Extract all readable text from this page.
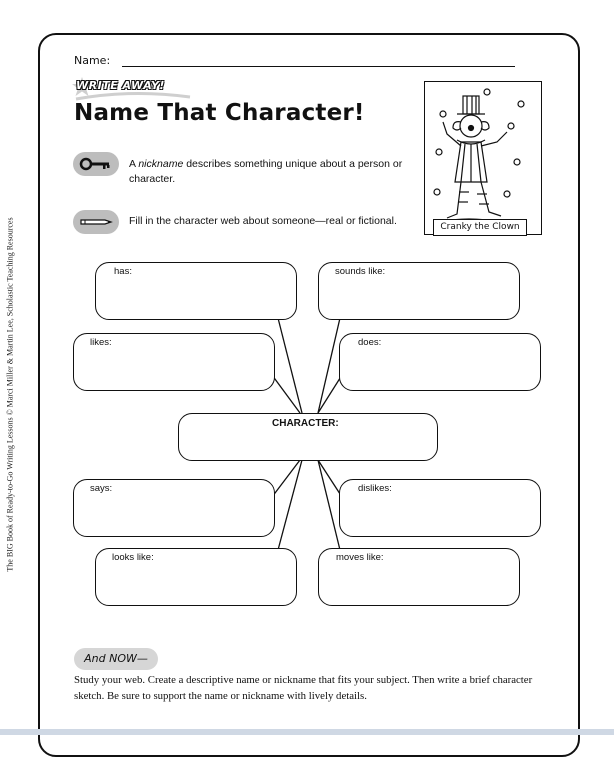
The BIG Book of Ready-to-Go Writing Lessons © Marci Miller & Martin Lee, Scholastic Teaching Resources
Name:
WRITE AWAY!
Name That Character!
A nickname describes something unique about a person or character.
Fill in the character web about someone—real or fictional.	Cranky the Clown
has:	sounds like:
likes:	does:
CHARACTER:
says:	dislikes:
looks like:	moves like:
And NOW—
Study your web. Create a descriptive name or nickname that fits your subject. Then write a brief character sketch. Be sure to support the name or nickname with lively details.
